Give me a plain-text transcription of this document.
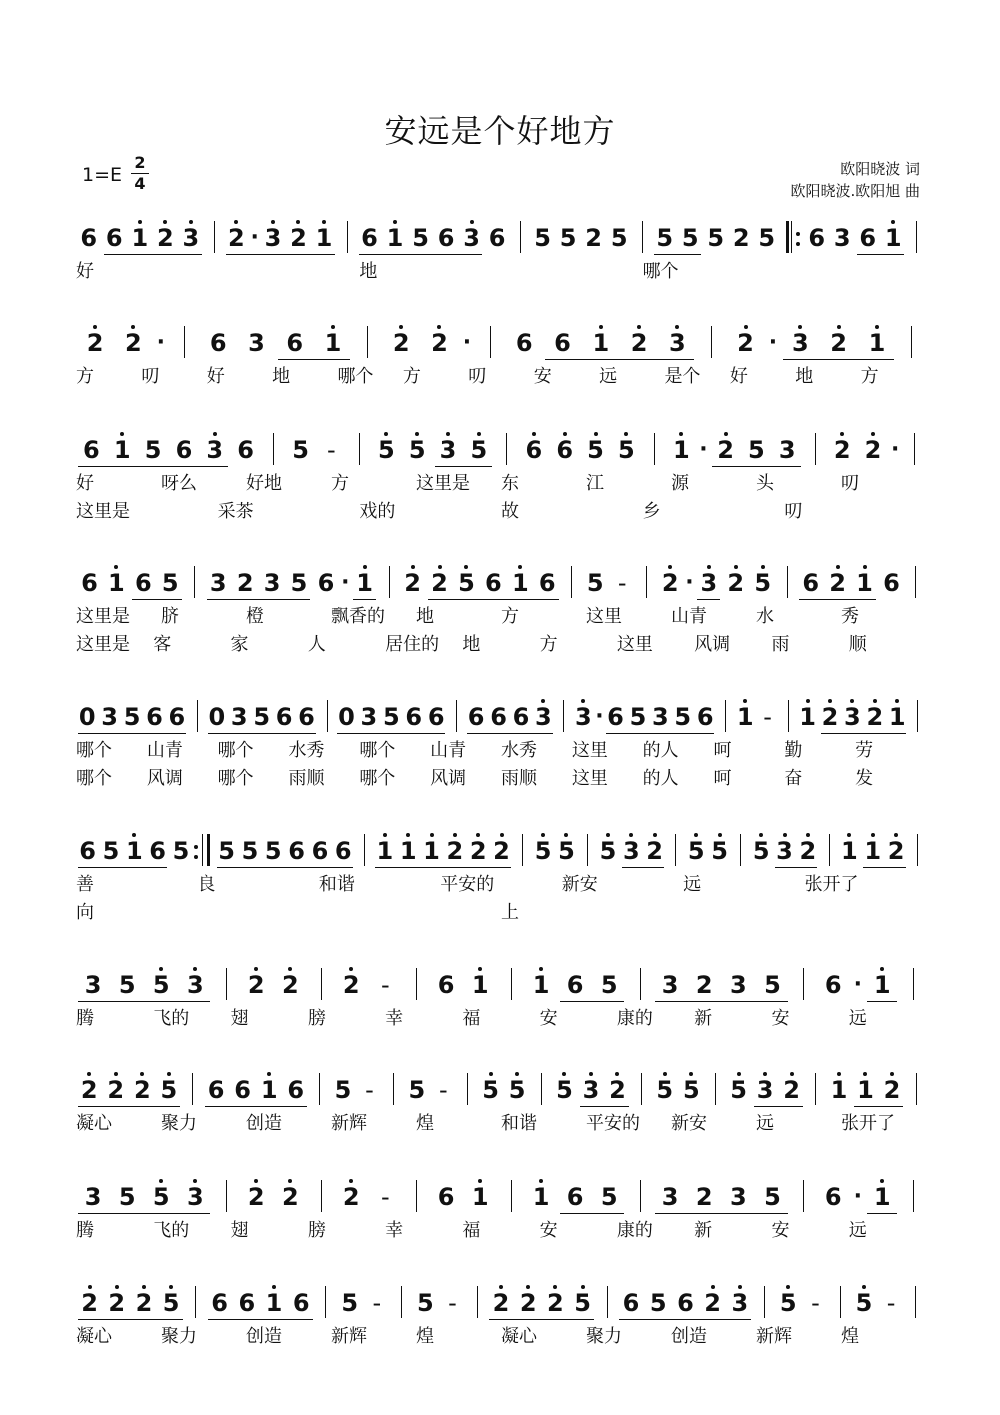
安远是个好地方
1=E
2
4
欧阳晓波 词
欧阳晓波.欧阳旭 曲
6 6 1 2 3 2 · 3 2 1 6 1 5 6 3 6 5 5 2 5 5 5 5 2 5 6 3 6 1
好	地	哪个
2 2 · 6 3 6 1 2 2 · 6 6 1 2 3 2 · 3 2 1
方	叨	好	地	哪个 方	叨	安	远	是个 好	地	方
6 1 5 6 3 6 5 - 5 5 3 5 6 6 5 5 1 · 2 5 3 2 2 ·
好	呀么	好地	方	这里是 东	江	源	头	叨
这里是	采茶	戏的	故	乡	叨
6 1 6 5 3 2 3 5 6 · 1 2 2 5 6 1 6 5 - 2 · 3 2 5 6 2 1 6
这里是 脐	橙	飘香的 地	方	这里	山青	水	秀
这里是 客	家	人	居住的 地	方	这里 风调 雨	顺
0 3 5 6 6 0 3 5 6 6 0 3 5 6 6 6 6 6 3 3 · 6 5 3 5 6 1 - 1 2 3 2 1
哪个 山青 哪个 水秀 哪个 山青 水秀 这里 的人 呵	勤	劳
哪个 风调 哪个 雨顺 哪个 风调 雨顺 这里 的人 呵	奋	发
6 5 1 6 5 5 5 5 6 6 6 1 1 1 2 2 2 5 5 5 3 2 5 5 5 3 2 1 1 2
善	良	和谐	平安的	新安	远	张开了
向	上
3 5 5 3 2 2 2 - 6 1 1 6 5 3 2 3 5 6 · 1
腾	飞的 翅	膀	幸	福	安	康的 新	安	远
2 2 2 5 6 6 1 6 5 - 5 - 5 5 5 3 2 5 5 5 3 2 1 1 2
凝心	聚力	创造	新辉	煌	和谐	平安的 新安	远	张开了
3 5 5 3 2 2 2 - 6 1 1 6 5 3 2 3 5 6 · 1
腾	飞的 翅	膀	幸	福	安	康的 新	安	远
2 2 2 5 6 6 1 6 5 - 5 - 2 2 2 5 6 5 6 2 3 5 - 5 -
凝心	聚力	创造	新辉	煌	凝心	聚力	创造	新辉	煌
